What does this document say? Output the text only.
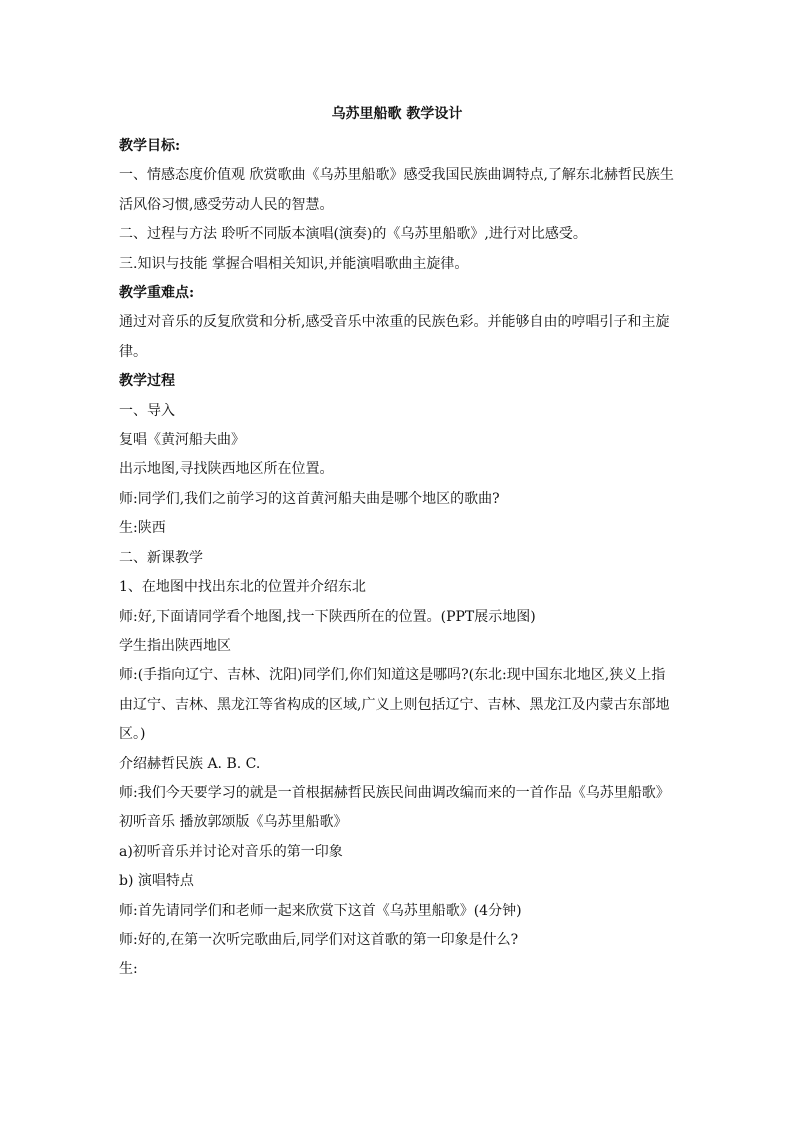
乌苏里船歌 教学设计

教学目标:

一、情感态度价值观 欣赏歌曲《乌苏里船歌》感受我国民族曲调特点,了解东北赫哲民族生活风俗习惯,感受劳动人民的智慧。

二、过程与方法 聆听不同版本演唱(演奏)的《乌苏里船歌》,进行对比感受。

三.知识与技能 掌握合唱相关知识,并能演唱歌曲主旋律。

教学重难点:

通过对音乐的反复欣赏和分析,感受音乐中浓重的民族色彩。并能够自由的哼唱引子和主旋律。

教学过程

一、导入

复唱《黄河船夫曲》

出示地图,寻找陕西地区所在位置。

师:同学们,我们之前学习的这首黄河船夫曲是哪个地区的歌曲?

生:陕西

二、新课教学

1、在地图中找出东北的位置并介绍东北

师:好,下面请同学看个地图,找一下陕西所在的位置。(PPT展示地图)

学生指出陕西地区

师:(手指向辽宁、吉林、沈阳)同学们,你们知道这是哪吗?(东北:现中国东北地区,狭义上指由辽宁、吉林、黑龙江等省构成的区域,广义上则包括辽宁、吉林、黑龙江及内蒙古东部地区。)

介绍赫哲民族 A. B. C.

师:我们今天要学习的就是一首根据赫哲民族民间曲调改编而来的一首作品《乌苏里船歌》

初听音乐 播放郭颂版《乌苏里船歌》

a)初听音乐并讨论对音乐的第一印象

b) 演唱特点

师:首先请同学们和老师一起来欣赏下这首《乌苏里船歌》(4分钟)

师:好的,在第一次听完歌曲后,同学们对这首歌的第一印象是什么?

生:
